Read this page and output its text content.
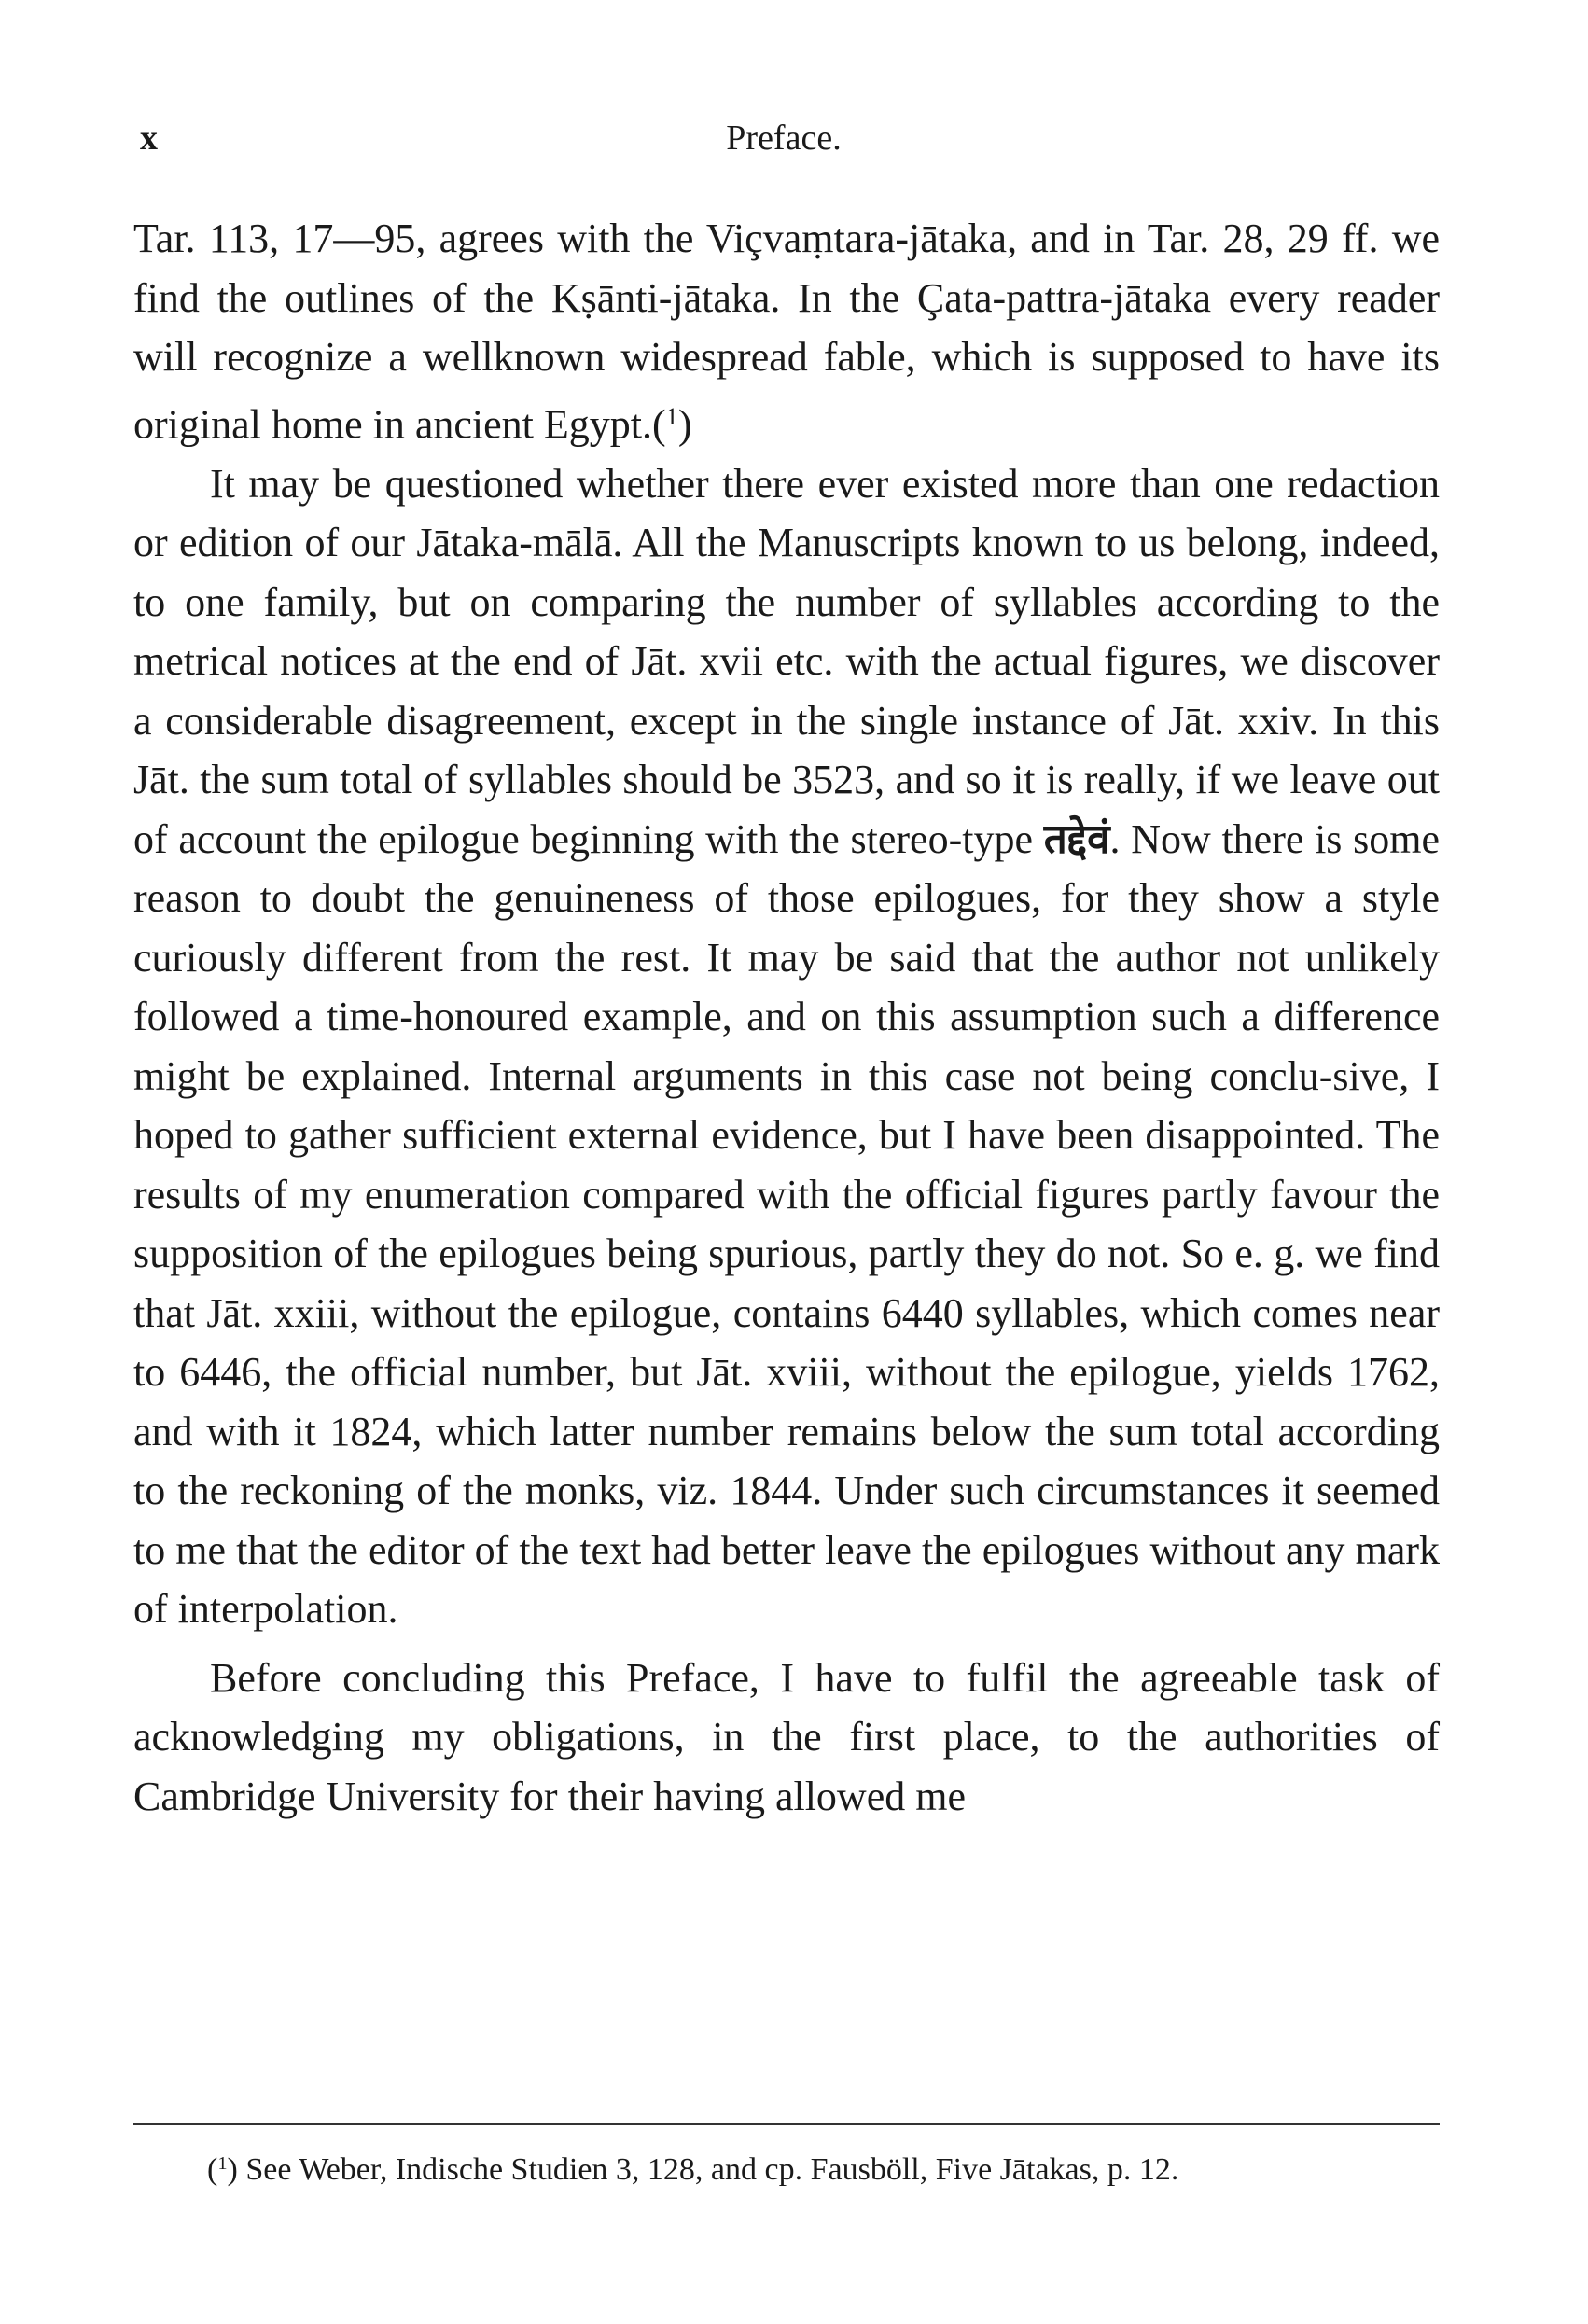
x	Preface.

Tar. 113, 17—95, agrees with the Viçvaṃtara-jātaka, and in Tar. 28, 29 ff. we find the outlines of the Kṣānti-jātaka. In the Çata-pattra-jātaka every reader will recognize a wellknown widespread fable, which is supposed to have its original home in ancient Egypt.($^1$)

It may be questioned whether there ever existed more than one redaction or edition of our Jātaka-mālā. All the Manuscripts known to us belong, indeed, to one family, but on comparing the number of syllables according to the metrical notices at the end of Jāt. xvii etc. with the actual figures, we discover a considerable disagreement, except in the single instance of Jāt. xxiv. In this Jāt. the sum total of syllables should be 3523, and so it is really, if we leave out of account the epilogue beginning with the stereo-type तद्देवं. Now there is some reason to doubt the genuineness of those epilogues, for they show a style curiously different from the rest. It may be said that the author not unlikely followed a time-honoured example, and on this assumption such a difference might be explained. Internal arguments in this case not being conclu-sive, I hoped to gather sufficient external evidence, but I have been disappointed. The results of my enumeration compared with the official figures partly favour the supposition of the epilogues being spurious, partly they do not. So e. g. we find that Jāt. xxiii, without the epilogue, contains 6440 syllables, which comes near to 6446, the official number, but Jāt. xviii, without the epilogue, yields 1762, and with it 1824, which latter number remains below the sum total according to the reckoning of the monks, viz. 1844. Under such circumstances it seemed to me that the editor of the text had better leave the epilogues without any mark of interpolation.

Before concluding this Preface, I have to fulfil the agreeable task of acknowledging my obligations, in the first place, to the authorities of Cambridge University for their having allowed me

($^1$) See Weber, Indische Studien 3, 128, and cp. Fausböll, Five Jātakas, p. 12.
